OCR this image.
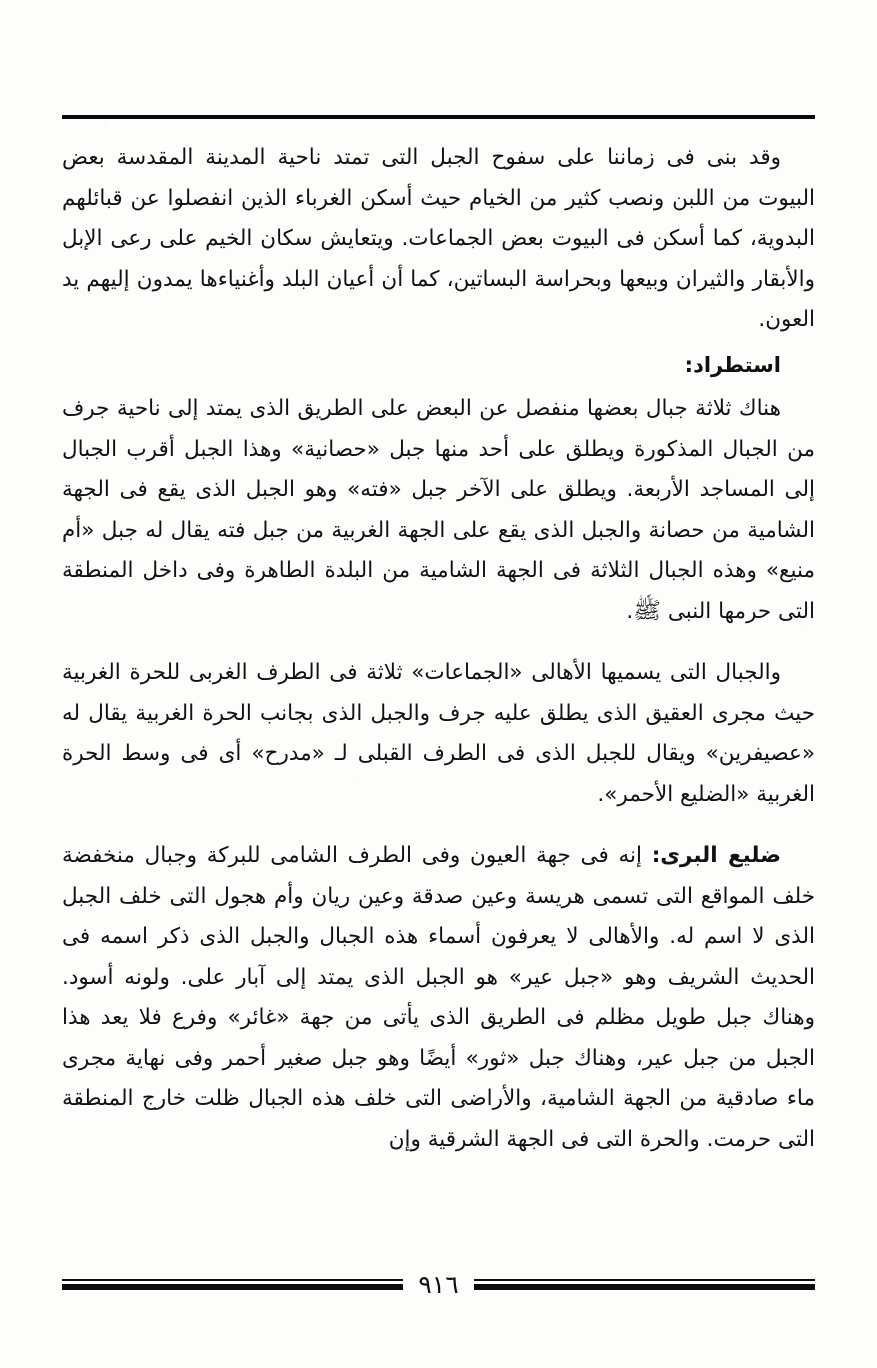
وقد بنى فى زماننا على سفوح الجبل التى تمتد ناحية المدينة المقدسة بعض البيوت من اللبن ونصب كثير من الخيام حيث أسكن الغرباء الذين انفصلوا عن قبائلهم البدوية، كما أسكن فى البيوت بعض الجماعات. ويتعايش سكان الخيم على رعى الإبل والأبقار والثيران وبيعها وبحراسة البساتين، كما أن أعيان البلد وأغنياءها يمدون إليهم يد العون.

استطراد:

هناك ثلاثة جبال بعضها منفصل عن البعض على الطريق الذى يمتد إلى ناحية جرف من الجبال المذكورة ويطلق على أحد منها جبل «حصانية» وهذا الجبل أقرب الجبال إلى المساجد الأربعة. ويطلق على الآخر جبل «فته» وهو الجبل الذى يقع فى الجهة الشامية من حصانة والجبل الذى يقع على الجهة الغربية من جبل فته يقال له جبل «أم منيع» وهذه الجبال الثلاثة فى الجهة الشامية من البلدة الطاهرة وفى داخل المنطقة التى حرمها النبى ﷺ.

والجبال التى يسميها الأهالى «الجماعات» ثلاثة فى الطرف الغربى للحرة الغربية حيث مجرى العقيق الذى يطلق عليه جرف والجبل الذى بجانب الحرة الغربية يقال له «عصيفرين» ويقال للجبل الذى فى الطرف القبلى لـ «مدرح» أى فى وسط الحرة الغربية «الضليع الأحمر».

ضليع البرى: إنه فى جهة العيون وفى الطرف الشامى للبركة وجبال منخفضة خلف المواقع التى تسمى هريسة وعين صدقة وعين ريان وأم هجول التى خلف الجبل الذى لا اسم له. والأهالى لا يعرفون أسماء هذه الجبال والجبل الذى ذكر اسمه فى الحديث الشريف وهو «جبل عير» هو الجبل الذى يمتد إلى آبار على. ولونه أسود. وهناك جبل طويل مظلم فى الطريق الذى يأتى من جهة «غائر» وفرع فلا يعد هذا الجبل من جبل عير، وهناك جبل «ثور» أيضًا وهو جبل صغير أحمر وفى نهاية مجرى ماء صادقية من الجهة الشامية، والأراضى التى خلف هذه الجبال ظلت خارج المنطقة التى حرمت. والحرة التى فى الجهة الشرقية وإن

٩١٦
